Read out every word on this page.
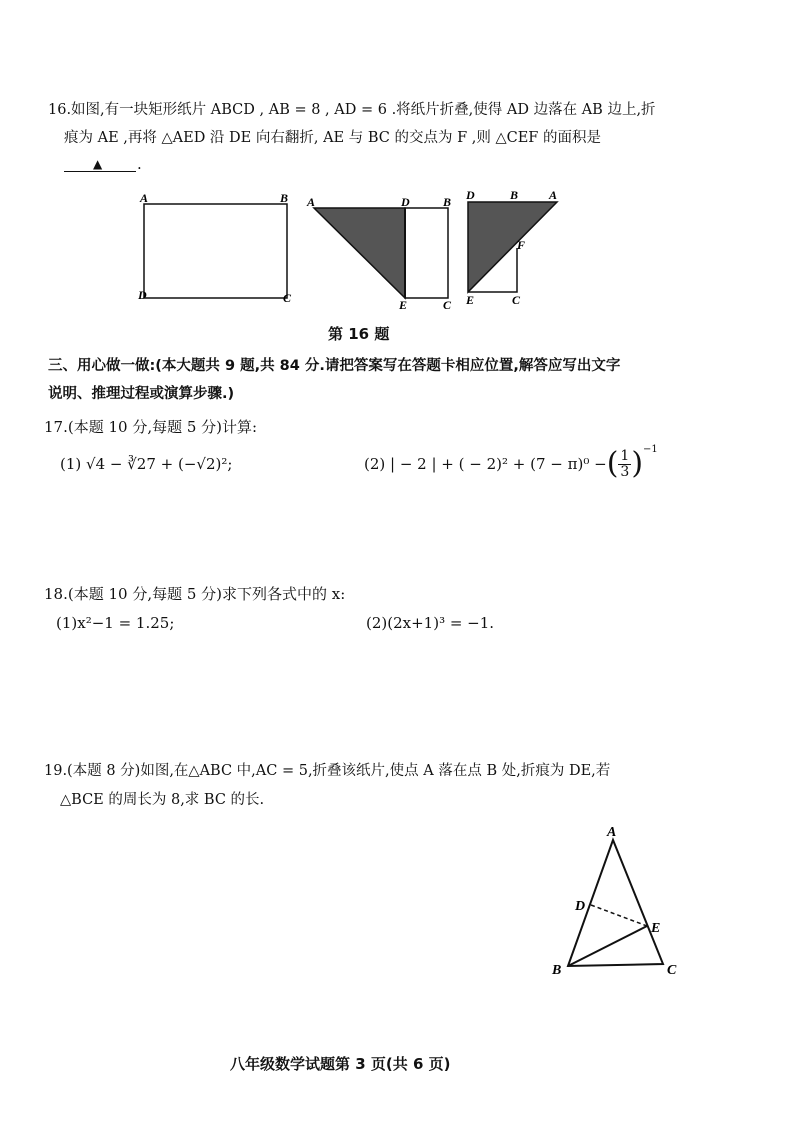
16.如图,有一块矩形纸片 ABCD , AB = 8 , AD = 6 .将纸片折叠,使得 AD 边落在 AB 边上,折
痕为 AE ,再将 △AED 沿 DE 向右翻折, AE 与 BC 的交点为 F ,则 △CEF 的面积是
▲ .
A	B
D	C
A	D	B
E	C
D	B	A
F
E	C
第 16 题
三、用心做一做:(本大题共 9 题,共 84 分.请把答案写在答题卡相应位置,解答应写出文字
说明、推理过程或演算步骤.)
17.(本题 10 分,每题 5 分)计算:
(1) √4 − ∛27 + (−√2)²;	(2) | − 2 | + ( − 2)² + (7 − π)⁰ − ( $\frac{1}{3}$ ) −1
18.(本题 10 分,每题 5 分)求下列各式中的 x:
(1)x²−1 = 1.25;	(2)(2x+1)³ = −1.
19.(本题 8 分)如图,在△ABC 中,AC = 5,折叠该纸片,使点 A 落在点 B 处,折痕为 DE,若
△BCE 的周长为 8,求 BC 的长.
A
D
E
B	C
八年级数学试题第 3 页(共 6 页)
